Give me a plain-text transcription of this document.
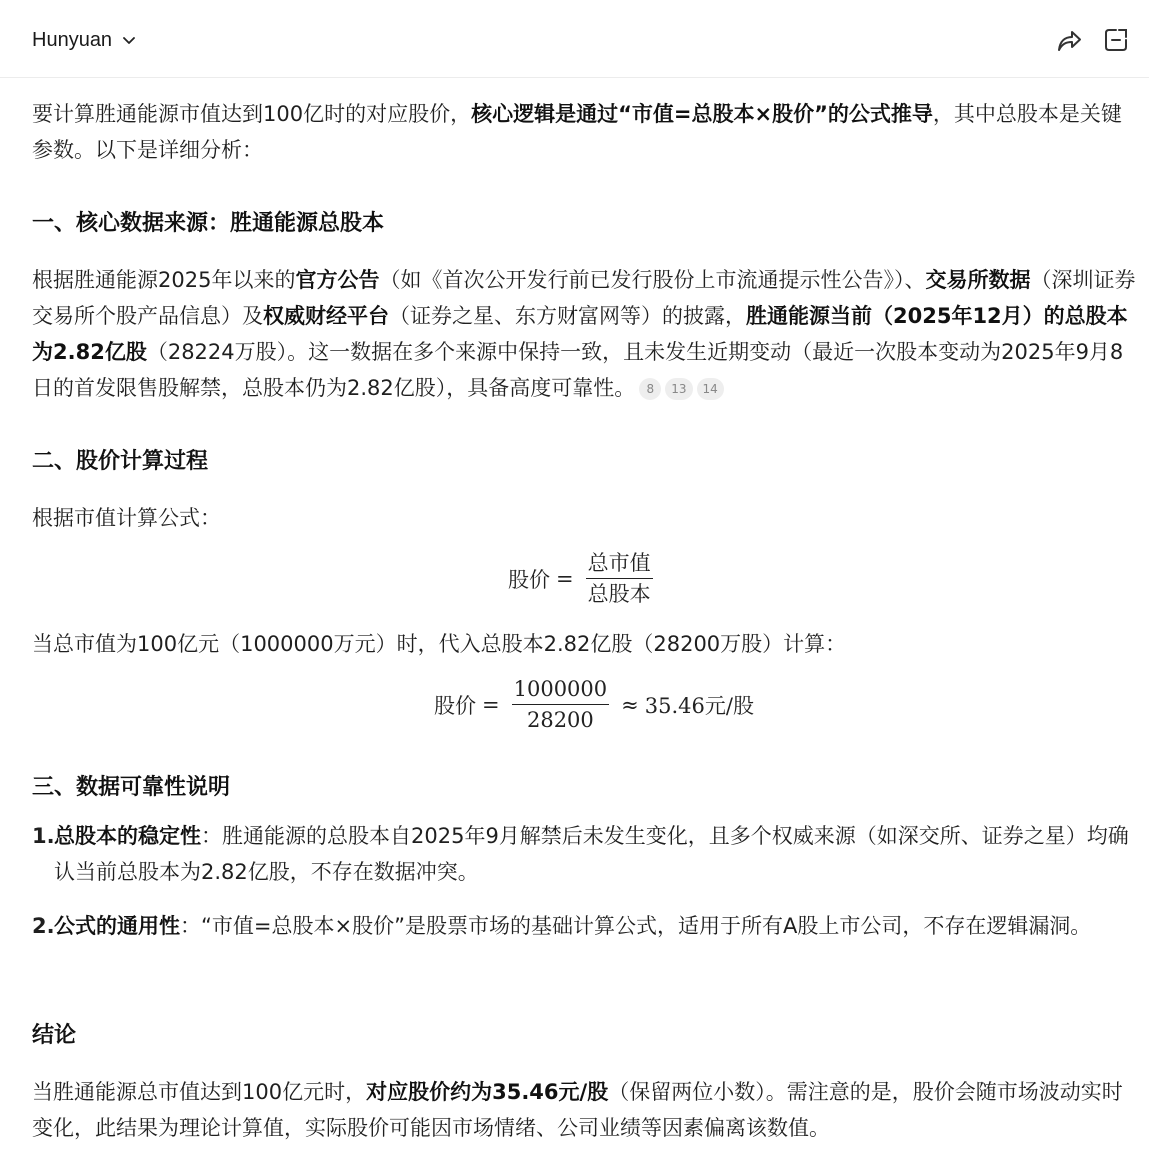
Hunyuan

要计算胜通能源市值达到100亿时的对应股价，核心逻辑是通过“市值=总股本×股价”的公式推导，其中总股本是关键参数。以下是详细分析：

一、核心数据来源：胜通能源总股本

根据胜通能源2025年以来的官方公告（如《首次公开发行前已发行股份上市流通提示性公告》）、交易所数据（深圳证券交易所个股产品信息）及权威财经平台（证券之星、东方财富网等）的披露，胜通能源当前（2025年12月）的总股本为2.82亿股（28224万股）。这一数据在多个来源中保持一致，且未发生近期变动（最近一次股本变动为2025年9月8日的首发限售股解禁，总股本仍为2.82亿股），具备高度可靠性。 8 13 14

二、股价计算过程

根据市值计算公式：

股价 = $\frac{\text{总市值}}{\text{总股本}}$

当总市值为100亿元（1000000万元）时，代入总股本2.82亿股（28200万股）计算：

股价 = $\frac{1000000}{28200} \approx 35.46$元/股
三、数据可靠性说明
1. 总股本的稳定性：胜通能源的总股本自2025年9月解禁后未发生变化，且多个权威来源（如深交所、证券之星）均确认当前总股本为2.82亿股，不存在数据冲突。
2. 公式的通用性：“市值=总股本×股价”是股票市场的基础计算公式，适用于所有A股上市公司，不存在逻辑漏洞。
结论

当胜通能源总市值达到100亿元时，对应股价约为35.46元/股（保留两位小数）。需注意的是，股价会随市场波动实时变化，此结果为理论计算值，实际股价可能因市场情绪、公司业绩等因素偏离该数值。
